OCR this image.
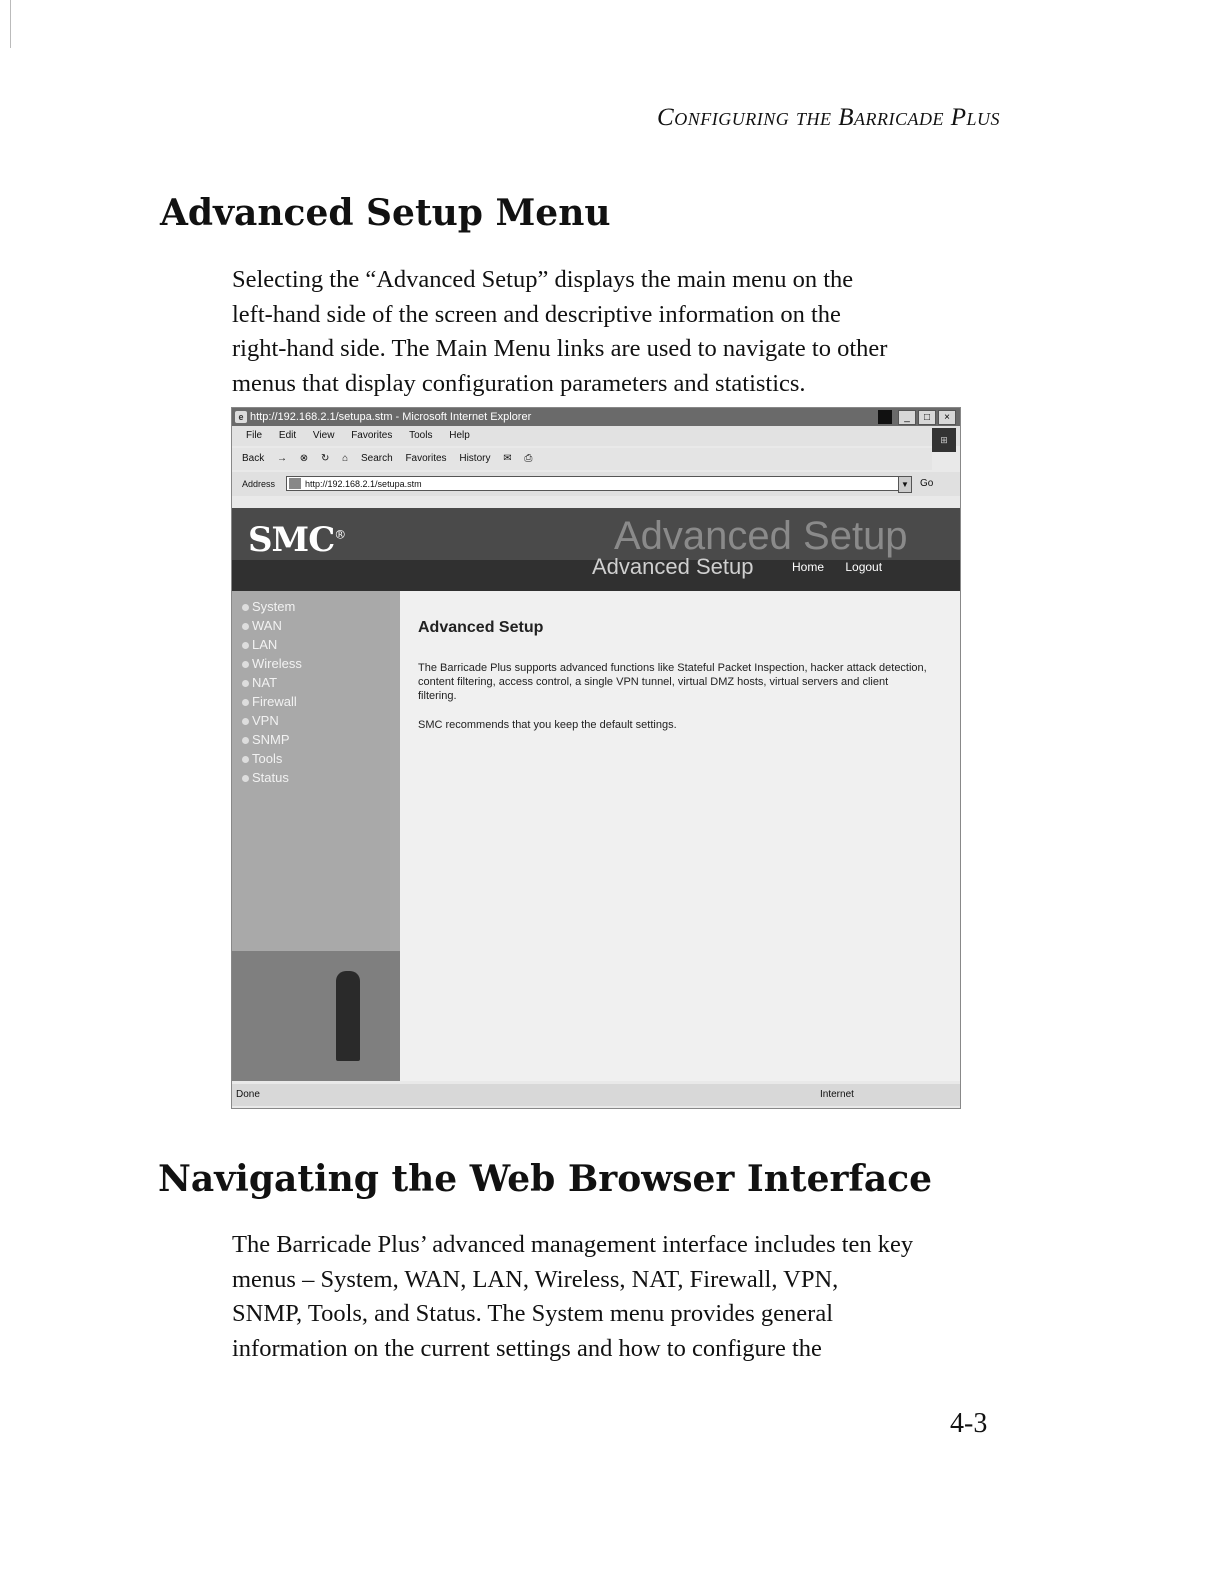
Configuring the Barricade Plus
Advanced Setup Menu
Selecting the “Advanced Setup” displays the main menu on the
left-hand side of the screen and descriptive information on the
right-hand side. The Main Menu links are used to navigate to other
menus that display configuration parameters and statistics.
e http://192.168.2.1/setupa.stm - Microsoft Internet Explorer	_	□	×
File Edit View Favorites Tools Help	⊞
Back → ⊗ ↻ ⌂ Search Favorites History ✉ ⎙
Address	http://192.168.2.1/setupa.stm	▼	Go
SMC®	Advanced Setup
Advanced Setup	Home Logout
System
WAN
LAN
Wireless
NAT
Firewall
VPN
SNMP
Tools
Status
Advanced Setup
The Barricade Plus supports advanced functions like Stateful Packet Inspection, hacker attack detection, content filtering, access control, a single VPN tunnel, virtual DMZ hosts, virtual servers and client filtering.
SMC recommends that you keep the default settings.
Done	Internet
Navigating the Web Browser Interface
The Barricade Plus’ advanced management interface includes ten key
menus – System, WAN, LAN, Wireless, NAT, Firewall, VPN,
SNMP, Tools, and Status. The System menu provides general
information on the current settings and how to configure the
4-3
